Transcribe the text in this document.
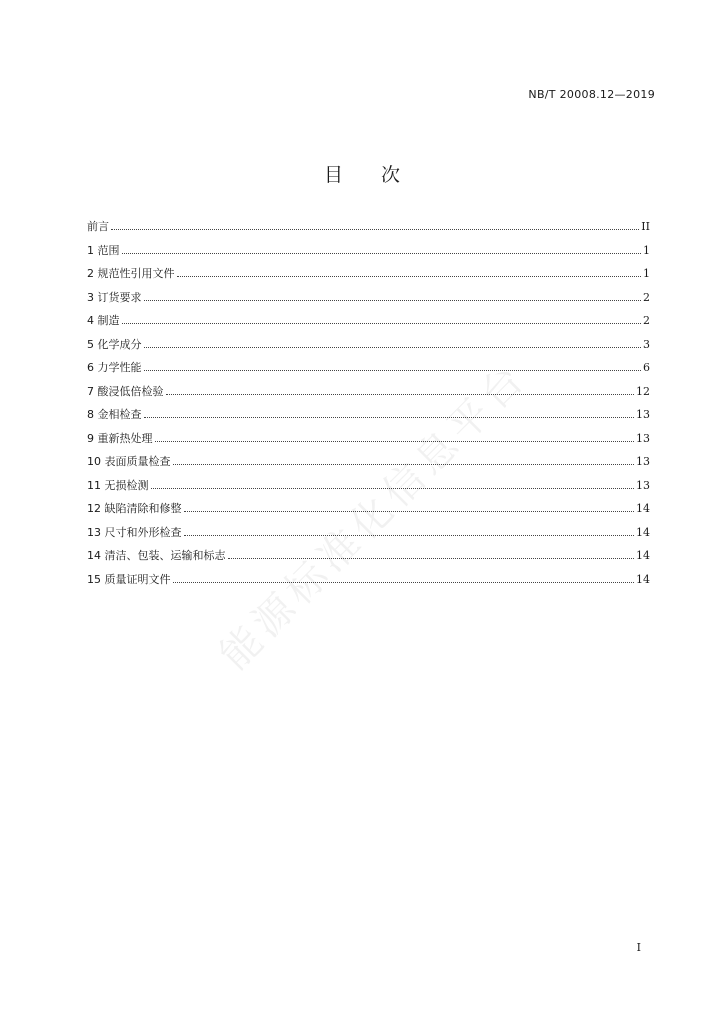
NB/T 20008.12—2019
目次
前言	II
1 范围	1
2 规范性引用文件	1
3 订货要求	2
4 制造	2
5 化学成分	3
6 力学性能	6
7 酸浸低倍检验	12
8 金相检查	13
9 重新热处理	13
10 表面质量检查	13
11 无损检测	13
12 缺陷清除和修整	14
13 尺寸和外形检查	14
14 清洁、包装、运输和标志	14
15 质量证明文件	14
能源标准化信息平台
I
